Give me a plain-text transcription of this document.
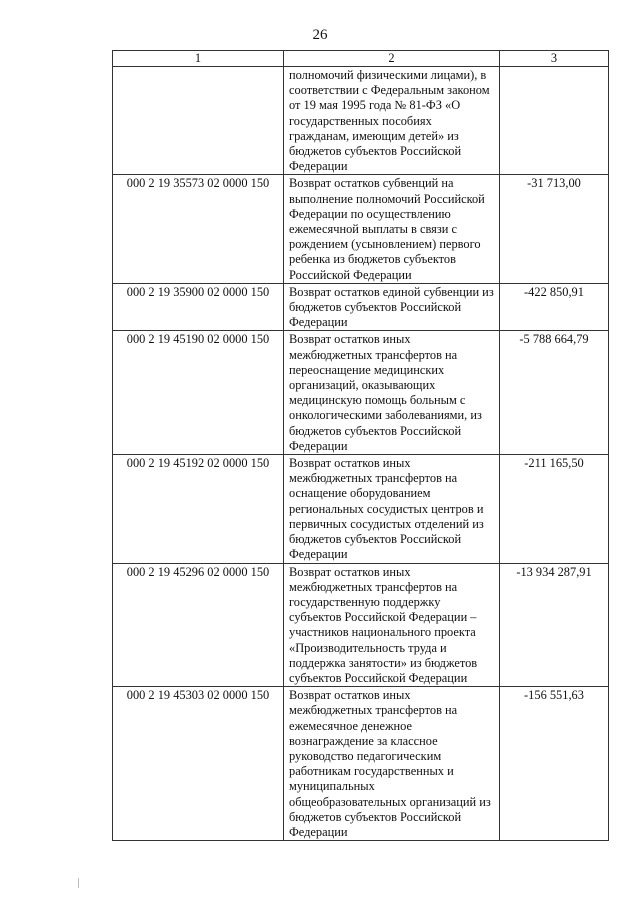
26
1	2	3
	полномочий физическими лицами), в соответствии с Федеральным законом от 19 мая 1995 года № 81-ФЗ «О государственных пособиях гражданам, имеющим детей» из бюджетов субъектов Российской Федерации	
000 2 19 35573 02 0000 150	Возврат остатков субвенций на выполнение полномочий Российской Федерации по осуществлению ежемесячной выплаты в связи с рождением (усыновлением) первого ребенка из бюджетов субъектов Российской Федерации	-31 713,00
000 2 19 35900 02 0000 150	Возврат остатков единой субвенции из бюджетов субъектов Российской Федерации	-422 850,91
000 2 19 45190 02 0000 150	Возврат остатков иных межбюджетных трансфертов на переоснащение медицинских организаций, оказывающих медицинскую помощь больным с онкологическими заболеваниями, из бюджетов субъектов Российской Федерации	-5 788 664,79
000 2 19 45192 02 0000 150	Возврат остатков иных межбюджетных трансфертов на оснащение оборудованием региональных сосудистых центров и первичных сосудистых отделений из бюджетов субъектов Российской Федерации	-211 165,50
000 2 19 45296 02 0000 150	Возврат остатков иных межбюджетных трансфертов на государственную поддержку субъектов Российской Федерации – участников национального проекта «Производительность труда и поддержка занятости» из бюджетов субъектов Российской Федерации	-13 934 287,91
000 2 19 45303 02 0000 150	Возврат остатков иных межбюджетных трансфертов на ежемесячное денежное вознаграждение за классное руководство педагогическим работникам государственных и муниципальных общеобразовательных организаций из бюджетов субъектов Российской Федерации	-156 551,63
